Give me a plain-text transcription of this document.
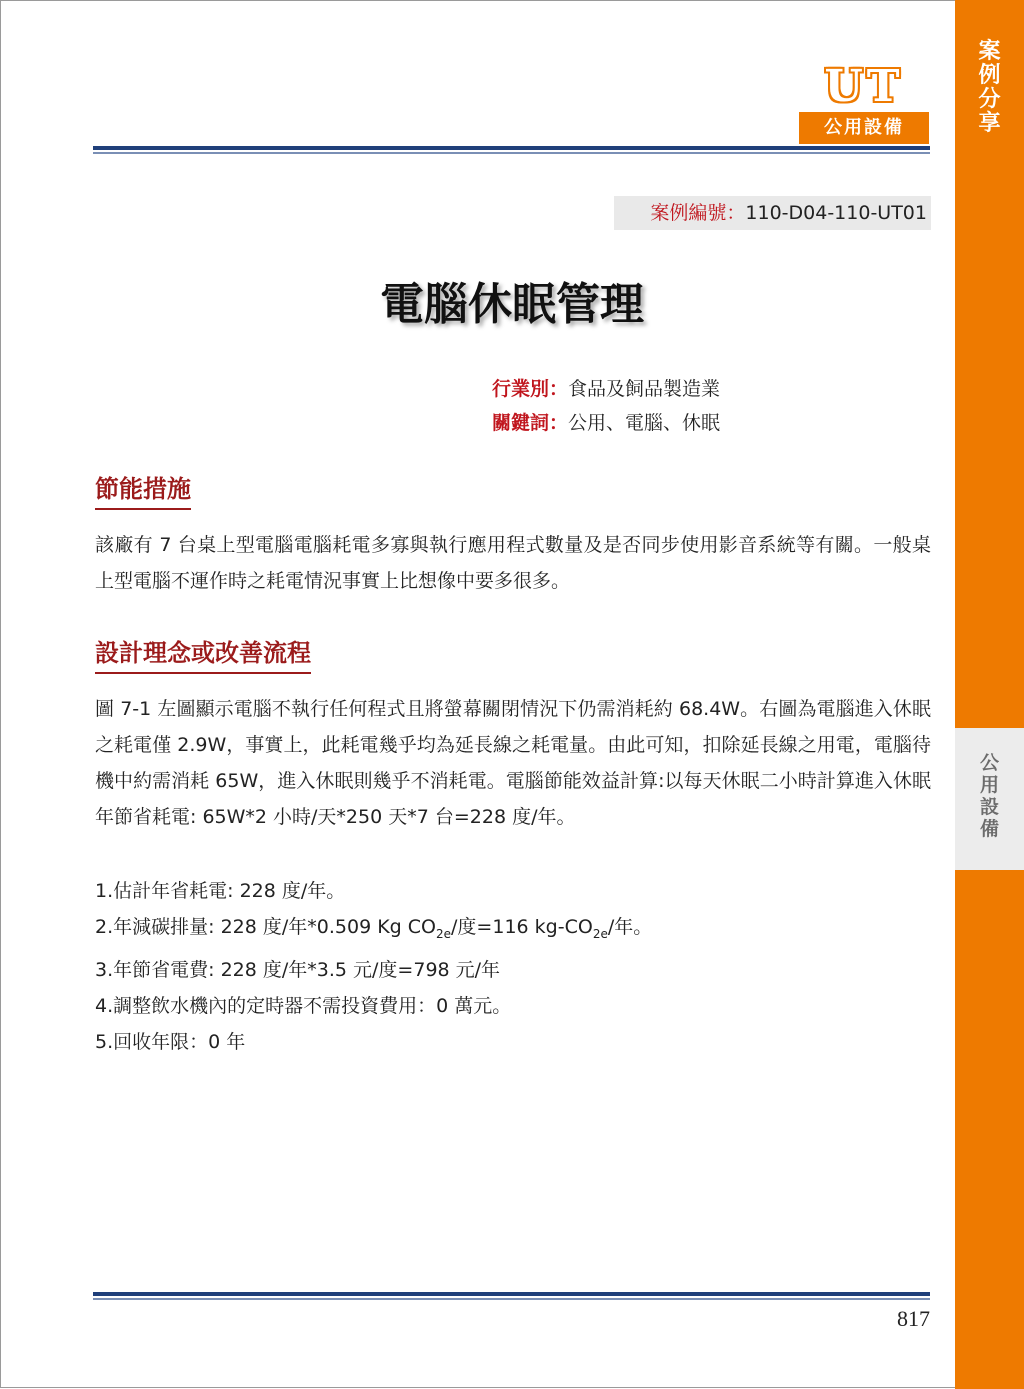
案
例
分
享
公
用
設
備
UT
公用設備
案例編號：110-D04-110-UT01
電腦休眠管理
行業別：食品及飼品製造業
關鍵詞：公用、電腦、休眠
節能措施
該廠有 7 台桌上型電腦電腦耗電多寡與執行應用程式數量及是否同步使用影音系統等有關。一般桌上型電腦不運作時之耗電情況事實上比想像中要多很多。
設計理念或改善流程
圖 7-1 左圖顯示電腦不執行任何程式且將螢幕關閉情況下仍需消耗約 68.4W。右圖為電腦進入休眠之耗電僅 2.9W，事實上，此耗電幾乎均為延長線之耗電量。由此可知，扣除延長線之用電，電腦待機中約需消耗 65W，進入休眠則幾乎不消耗電。電腦節能效益計算:以每天休眠二小時計算進入休眠年節省耗電: 65W*2 小時/天*250 天*7 台=228 度/年。
1.估計年省耗電: 228 度/年。
2.年減碳排量: 228 度/年*0.509 Kg $CO_{2e}/$度=116 $kg-CO_{2e}/$年。
3.年節省電費: 228 度/年*3.5 元/度=798 元/年
4.調整飲水機內的定時器不需投資費用：0 萬元。
5.回收年限：0 年
817
